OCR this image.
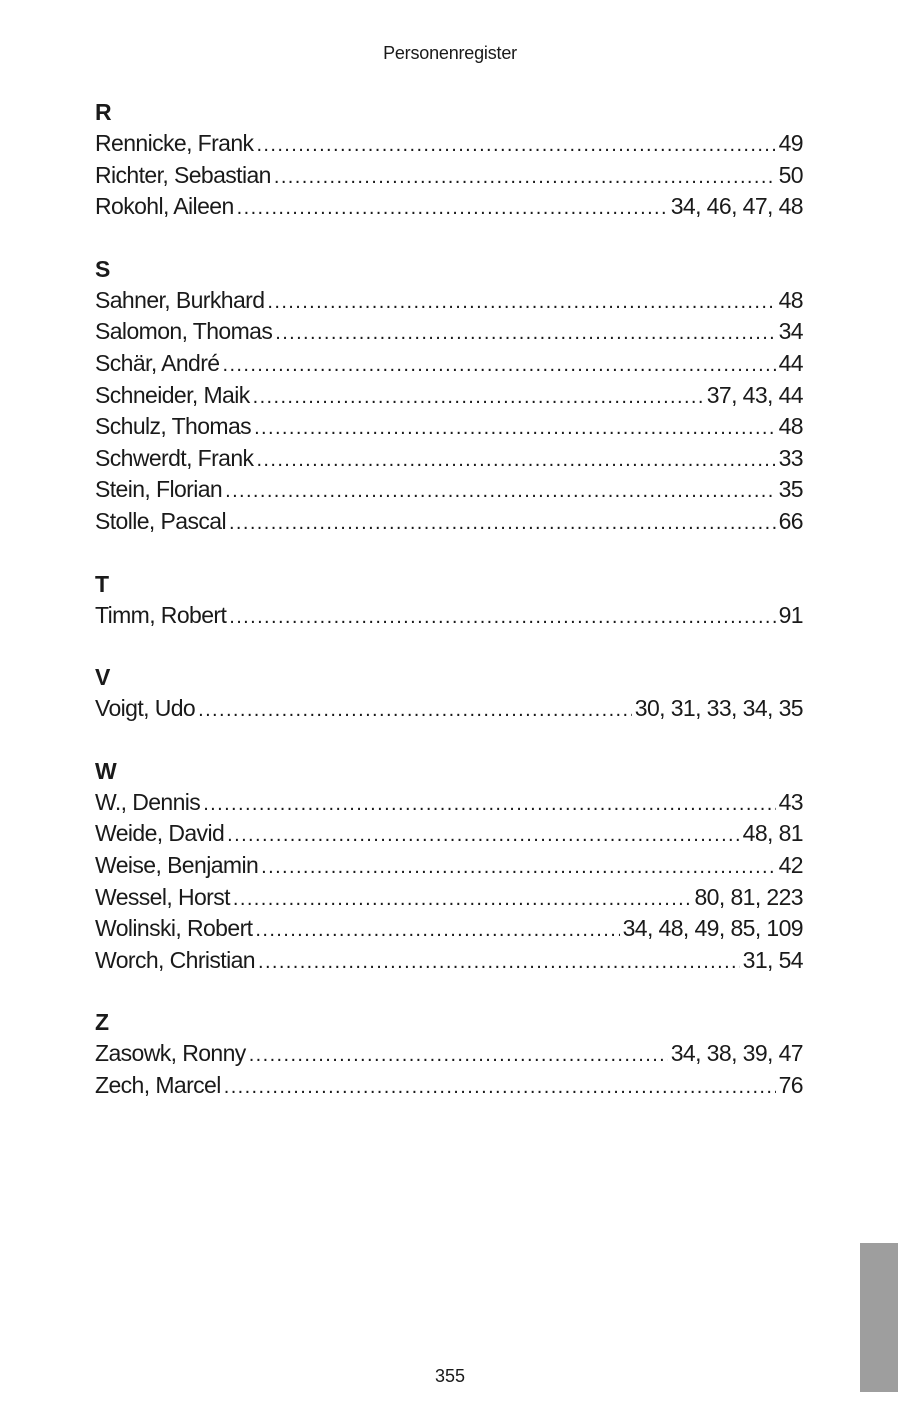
Personenregister
R
Rennicke, Frank .....	49
Richter, Sebastian .....	50
Rokohl, Aileen .....	34, 46, 47, 48
S
Sahner, Burkhard .....	48
Salomon, Thomas .....	34
Schär, André .....	44
Schneider, Maik .....	37, 43, 44
Schulz, Thomas .....	48
Schwerdt, Frank .....	33
Stein, Florian .....	35
Stolle, Pascal .....	66
T
Timm, Robert .....	91
V
Voigt, Udo .....	30, 31, 33, 34, 35
W
W., Dennis .....	43
Weide, David .....	48, 81
Weise, Benjamin .....	42
Wessel, Horst .....	80, 81, 223
Wolinski, Robert .....	34, 48, 49, 85, 109
Worch, Christian .....	31, 54
Z
Zasowk, Ronny .....	34, 38, 39, 47
Zech, Marcel .....	76
355
